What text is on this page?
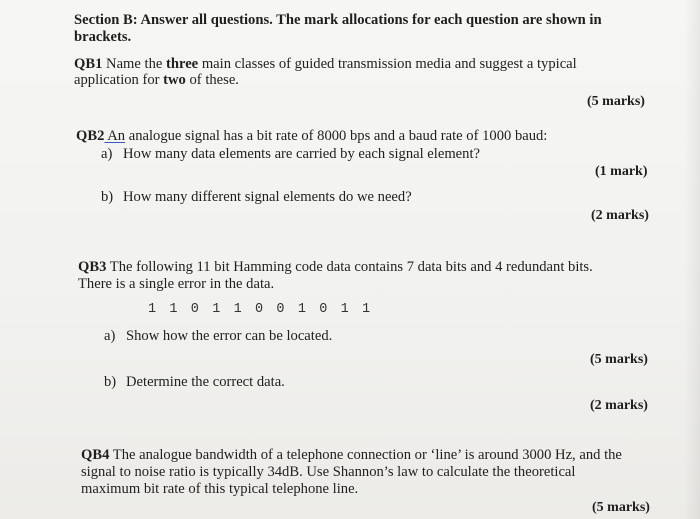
Section B: Answer all questions. The mark allocations for each question are shown in
brackets.
QB1 Name the three main classes of guided transmission media and suggest a typical
application for two of these.
(5 marks)
QB2 An analogue signal has a bit rate of 8000 bps and a baud rate of 1000 baud:
a) How many data elements are carried by each signal element?
(1 mark)
b) How many different signal elements do we need?
(2 marks)
QB3 The following 11 bit Hamming code data contains 7 data bits and 4 redundant bits.
There is a single error in the data.
1 1 0 1 1 0 0 1 0 1 1
a) Show how the error can be located.
(5 marks)
b) Determine the correct data.
(2 marks)
QB4 The analogue bandwidth of a telephone connection or ‘line’ is around 3000 Hz, and the
signal to noise ratio is typically 34dB. Use Shannon’s law to calculate the theoretical
maximum bit rate of this typical telephone line.
(5 marks)
